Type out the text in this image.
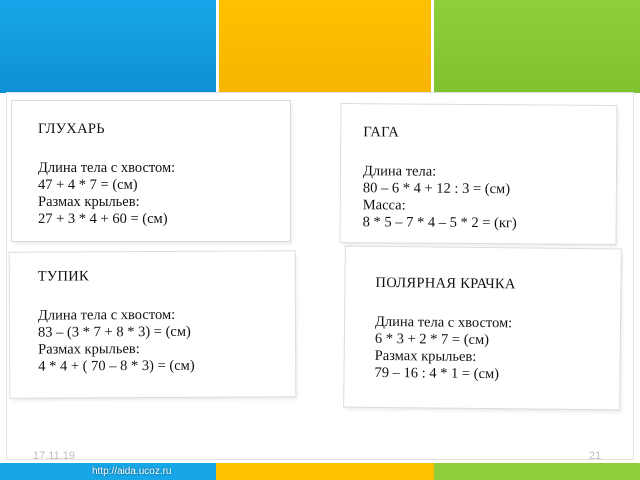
ГЛУХАРЬ
Длина тела с хвостом:
47 + 4 * 7 = (см)
Размах крыльев:
27 + 3 * 4 + 60 = (см)
ГАГА
Длина тела:
80 – 6 * 4 + 12 : 3 = (см)
Масса:
8 * 5 – 7 * 4 – 5 * 2 = (кг)
ТУПИК
Длина тела с хвостом:
83 – (3 * 7 + 8 * 3) = (см)
Размах крыльев:
4 * 4 + ( 70 – 8 * 3) = (см)
ПОЛЯРНАЯ КРАЧКА
Длина тела с хвостом:
6 * 3 + 2 * 7 = (см)
Размах крыльев:
79 – 16 : 4 * 1 = (см)
17.11.19	21
http://aida.ucoz.ru
